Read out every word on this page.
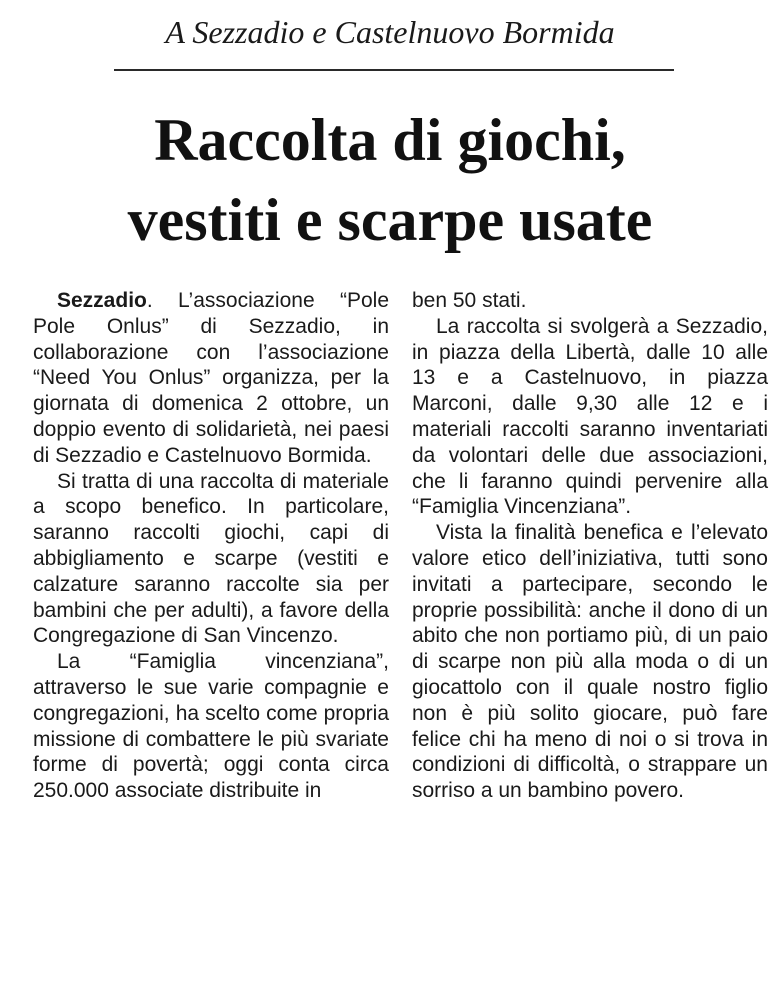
A Sezzadio e Castelnuovo Bormida
Raccolta di giochi,
vestiti e scarpe usate

Sezzadio. L’associazione “Pole Pole Onlus” di Sezzadio, in collaborazione con l’associazione “Need You Onlus” organizza, per la giornata di domenica 2 ottobre, un doppio evento di solidarietà, nei paesi di Sezzadio e Castelnuovo Bormida.

Si tratta di una raccolta di materiale a scopo benefico. In particolare, saranno raccolti giochi, capi di abbigliamento e scarpe (vestiti e calzature saranno raccolte sia per bambini che per adulti), a favore della Congregazione di San Vincenzo.

La “Famiglia vincenziana”, attraverso le sue varie compagnie e congregazioni, ha scelto come propria missione di combattere le più svariate forme di povertà; oggi conta circa 250.000 associate distribuite in

ben 50 stati.

La raccolta si svolgerà a Sezzadio, in piazza della Libertà, dalle 10 alle 13 e a Castelnuovo, in piazza Marconi, dalle 9,30 alle 12 e i materiali raccolti saranno inventariati da volontari delle due associazioni, che li faranno quindi pervenire alla “Famiglia Vincenziana”.

Vista la finalità benefica e l’elevato valore etico dell’iniziativa, tutti sono invitati a partecipare, secondo le proprie possibilità: anche il dono di un abito che non portiamo più, di un paio di scarpe non più alla moda o di un giocattolo con il quale nostro figlio non è più solito giocare, può fare felice chi ha meno di noi o si trova in condizioni di difficoltà, o strappare un sorriso a un bambino povero.
